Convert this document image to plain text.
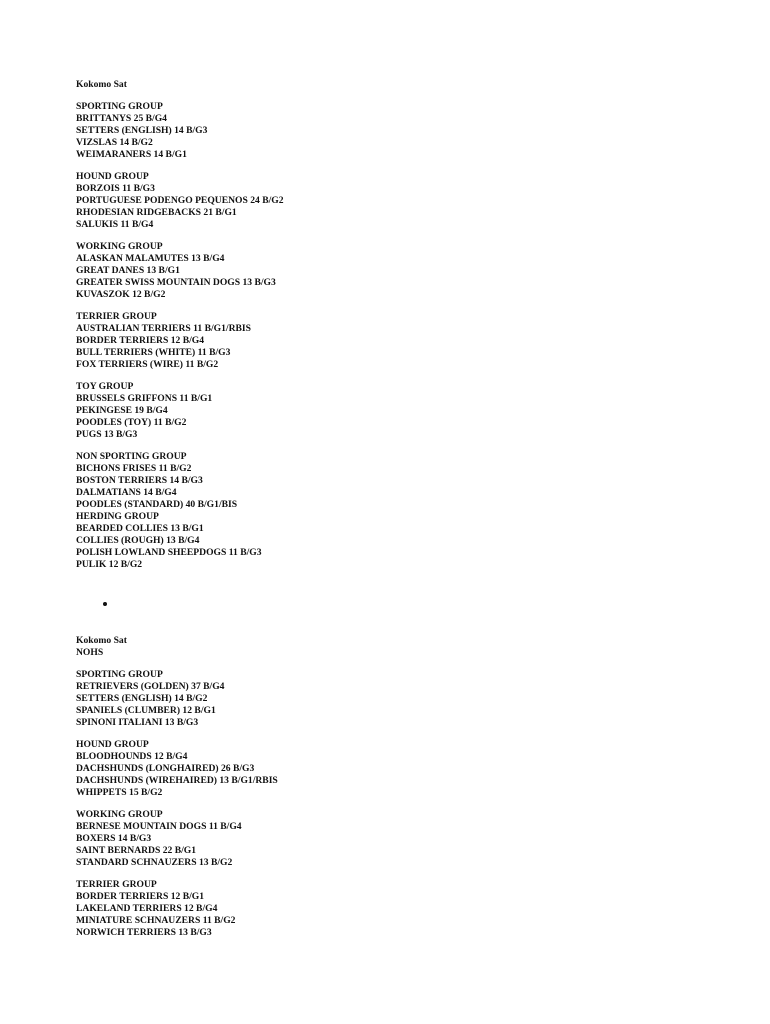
Kokomo Sat
SPORTING GROUP
BRITTANYS 25 B/G4
SETTERS (ENGLISH) 14 B/G3
VIZSLAS 14 B/G2
WEIMARANERS 14 B/G1
HOUND GROUP
BORZOIS 11 B/G3
PORTUGUESE PODENGO PEQUENOS 24 B/G2
RHODESIAN RIDGEBACKS 21 B/G1
SALUKIS 11 B/G4
WORKING GROUP
ALASKAN MALAMUTES 13 B/G4
GREAT DANES 13 B/G1
GREATER SWISS MOUNTAIN DOGS 13 B/G3
KUVASZOK 12 B/G2
TERRIER GROUP
AUSTRALIAN TERRIERS 11 B/G1/RBIS
BORDER TERRIERS 12 B/G4
BULL TERRIERS (WHITE) 11 B/G3
FOX TERRIERS (WIRE) 11 B/G2
TOY GROUP
BRUSSELS GRIFFONS 11 B/G1
PEKINGESE 19 B/G4
POODLES (TOY) 11 B/G2
PUGS 13 B/G3
NON SPORTING GROUP
BICHONS FRISES 11 B/G2
BOSTON TERRIERS 14 B/G3
DALMATIANS 14 B/G4
POODLES (STANDARD) 40 B/G1/BIS
HERDING GROUP
BEARDED COLLIES 13 B/G1
COLLIES (ROUGH) 13 B/G4
POLISH LOWLAND SHEEPDOGS 11 B/G3
PULIK 12 B/G2
Kokomo Sat
NOHS
SPORTING GROUP
RETRIEVERS (GOLDEN) 37 B/G4
SETTERS (ENGLISH) 14 B/G2
SPANIELS (CLUMBER) 12 B/G1
SPINONI ITALIANI 13 B/G3
HOUND GROUP
BLOODHOUNDS 12 B/G4
DACHSHUNDS (LONGHAIRED) 26 B/G3
DACHSHUNDS (WIREHAIRED) 13 B/G1/RBIS
WHIPPETS 15 B/G2
WORKING GROUP
BERNESE MOUNTAIN DOGS 11 B/G4
BOXERS 14 B/G3
SAINT BERNARDS 22 B/G1
STANDARD SCHNAUZERS 13 B/G2
TERRIER GROUP
BORDER TERRIERS 12 B/G1
LAKELAND TERRIERS 12 B/G4
MINIATURE SCHNAUZERS 11 B/G2
NORWICH TERRIERS 13 B/G3
